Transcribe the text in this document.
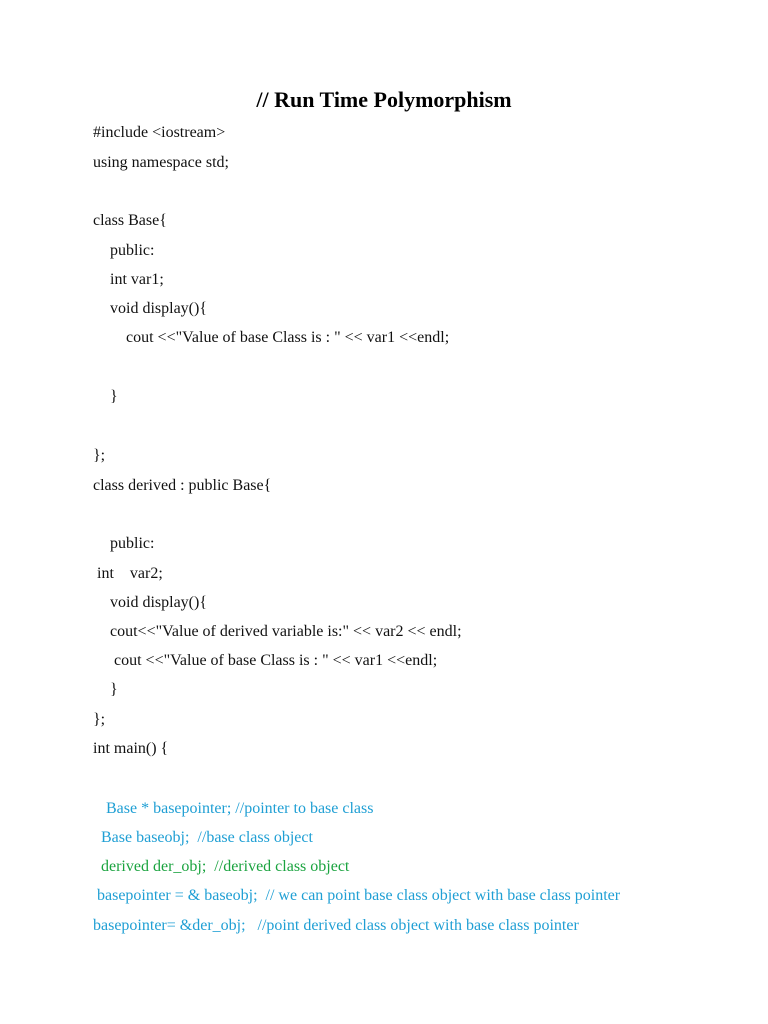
// Run Time Polymorphism
#include <iostream>
using namespace std;
class Base{
public:
int var1;
void display(){
cout <<"Value of base Class is : " << var1 <<endl;
}
};
class derived : public Base{
public:
int    var2;
void display(){
cout<<"Value of derived variable is:" << var2 << endl;
cout <<"Value of base Class is : " << var1 <<endl;
}
};
int main() {
Base * basepointer; //pointer to base class
Base baseobj;  //base class object
derived der_obj;  //derived class object
basepointer = & baseobj;  // we can point base class object with base class pointer
basepointer= &der_obj;   //point derived class object with base class pointer
